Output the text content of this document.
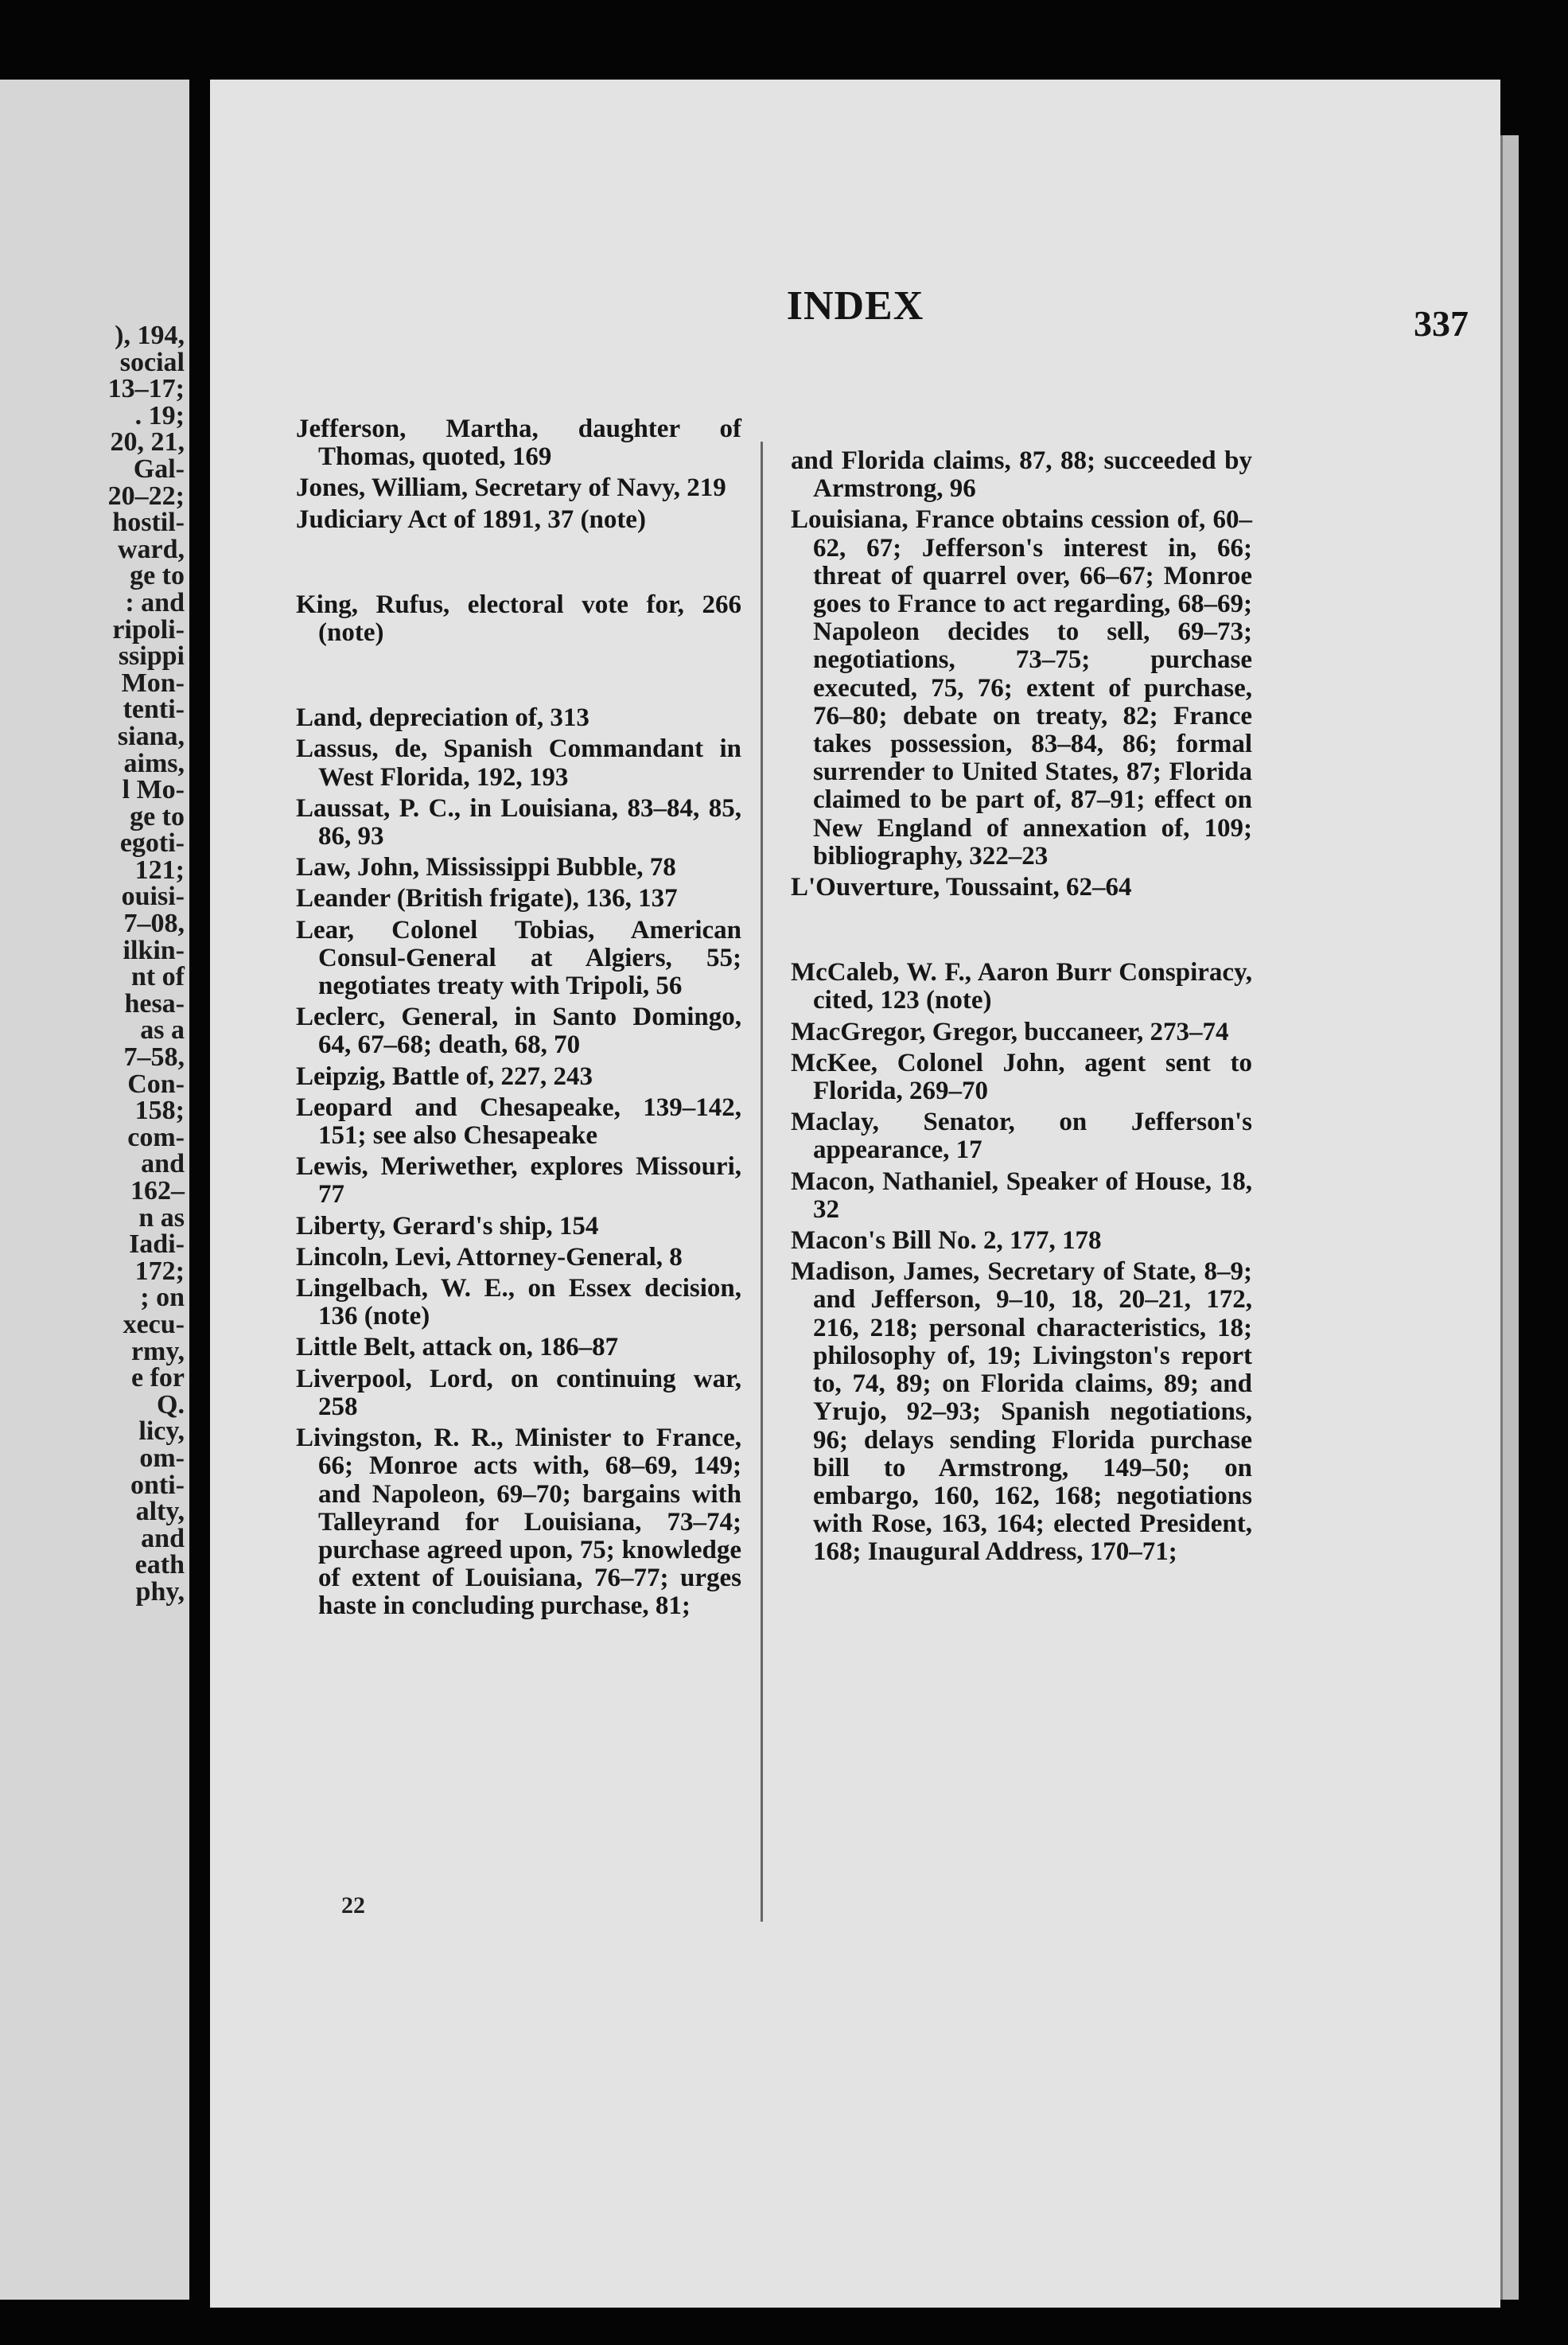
), 194,
social
13–17;
. 19;
20, 21,
Gal-
20–22;
hostil-
ward,
ge to
: and
ripoli-
ssippi
Mon-
tenti-
siana,
aims,
l Mo-
ge to
egoti-
121;
ouisi-
7–08,
ilkin-
nt of
hesa-
as a
7–58,
Con-
158;
com-
and
162–
n as
Iadi-
172;
; on
xecu-
rmy,
e for
Q.
licy,
om-
onti-
alty,
and
eath
phy,
INDEX	337
Jefferson, Martha, daughter of Thomas, quoted, 169
Jones, William, Secretary of Navy, 219
Judiciary Act of 1891, 37 (note)
King, Rufus, electoral vote for, 266 (note)
Land, depreciation of, 313
Lassus, de, Spanish Commandant in West Florida, 192, 193
Laussat, P. C., in Louisiana, 83–84, 85, 86, 93
Law, John, Mississippi Bubble, 78
Leander (British frigate), 136, 137
Lear, Colonel Tobias, American Consul-General at Algiers, 55; negotiates treaty with Tripoli, 56
Leclerc, General, in Santo Domingo, 64, 67–68; death, 68, 70
Leipzig, Battle of, 227, 243
Leopard and Chesapeake, 139–142, 151; see also Chesapeake
Lewis, Meriwether, explores Missouri, 77
Liberty, Gerard's ship, 154
Lincoln, Levi, Attorney-General, 8
Lingelbach, W. E., on Essex decision, 136 (note)
Little Belt, attack on, 186–87
Liverpool, Lord, on continuing war, 258
Livingston, R. R., Minister to France, 66; Monroe acts with, 68–69, 149; and Napoleon, 69–70; bargains with Talleyrand for Louisiana, 73–74; purchase agreed upon, 75; knowledge of extent of Louisiana, 76–77; urges haste in concluding purchase, 81;
and Florida claims, 87, 88; succeeded by Armstrong, 96
Louisiana, France obtains cession of, 60–62, 67; Jefferson's interest in, 66; threat of quarrel over, 66–67; Monroe goes to France to act regarding, 68–69; Napoleon decides to sell, 69–73; negotiations, 73–75; purchase executed, 75, 76; extent of purchase, 76–80; debate on treaty, 82; France takes possession, 83–84, 86; formal surrender to United States, 87; Florida claimed to be part of, 87–91; effect on New England of annexation of, 109; bibliography, 322–23
L'Ouverture, Toussaint, 62–64
McCaleb, W. F., Aaron Burr Conspiracy, cited, 123 (note)
MacGregor, Gregor, buccaneer, 273–74
McKee, Colonel John, agent sent to Florida, 269–70
Maclay, Senator, on Jefferson's appearance, 17
Macon, Nathaniel, Speaker of House, 18, 32
Macon's Bill No. 2, 177, 178
Madison, James, Secretary of State, 8–9; and Jefferson, 9–10, 18, 20–21, 172, 216, 218; personal characteristics, 18; philosophy of, 19; Livingston's report to, 74, 89; on Florida claims, 89; and Yrujo, 92–93; Spanish negotiations, 96; delays sending Florida purchase bill to Armstrong, 149–50; on embargo, 160, 162, 168; negotiations with Rose, 163, 164; elected President, 168; Inaugural Address, 170–71;
22
